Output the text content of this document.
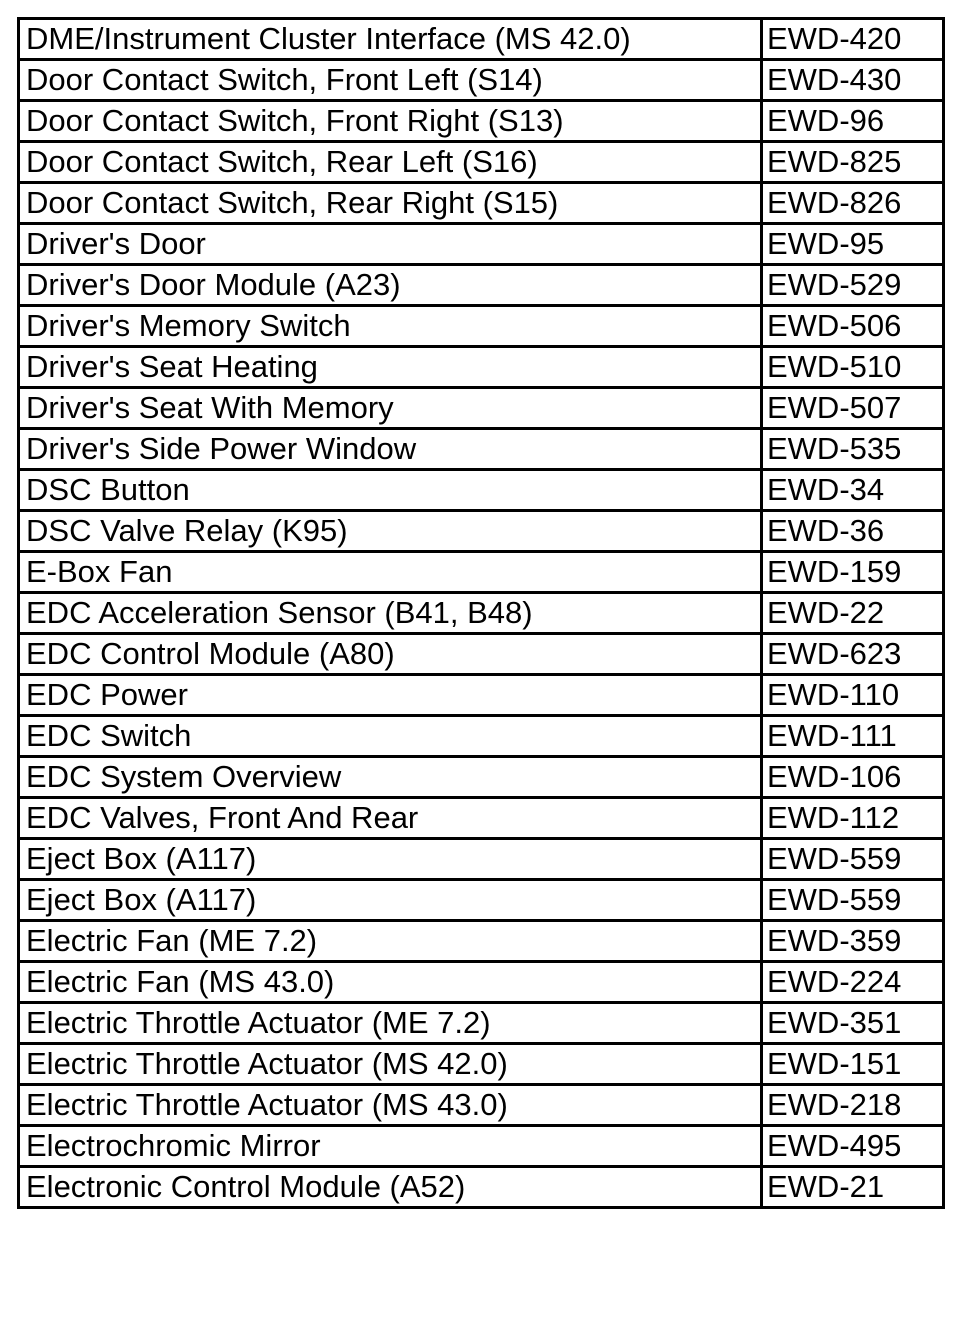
DME/Instrument Cluster Interface (MS 42.0)	EWD-420
Door Contact Switch, Front Left (S14)	EWD-430
Door Contact Switch, Front Right (S13)	EWD-96
Door Contact Switch, Rear Left (S16)	EWD-825
Door Contact Switch, Rear Right (S15)	EWD-826
Driver's Door	EWD-95
Driver's Door Module (A23)	EWD-529
Driver's Memory Switch	EWD-506
Driver's Seat Heating	EWD-510
Driver's Seat With Memory	EWD-507
Driver's Side Power Window	EWD-535
DSC Button	EWD-34
DSC Valve Relay (K95)	EWD-36
E-Box Fan	EWD-159
EDC Acceleration Sensor (B41, B48)	EWD-22
EDC Control Module (A80)	EWD-623
EDC Power	EWD-110
EDC Switch	EWD-111
EDC System Overview	EWD-106
EDC Valves, Front And Rear	EWD-112
Eject Box (A117)	EWD-559
Eject Box (A117)	EWD-559
Electric Fan (ME 7.2)	EWD-359
Electric Fan (MS 43.0)	EWD-224
Electric Throttle Actuator (ME 7.2)	EWD-351
Electric Throttle Actuator (MS 42.0)	EWD-151
Electric Throttle Actuator (MS 43.0)	EWD-218
Electrochromic Mirror	EWD-495
Electronic Control Module (A52)	EWD-21
